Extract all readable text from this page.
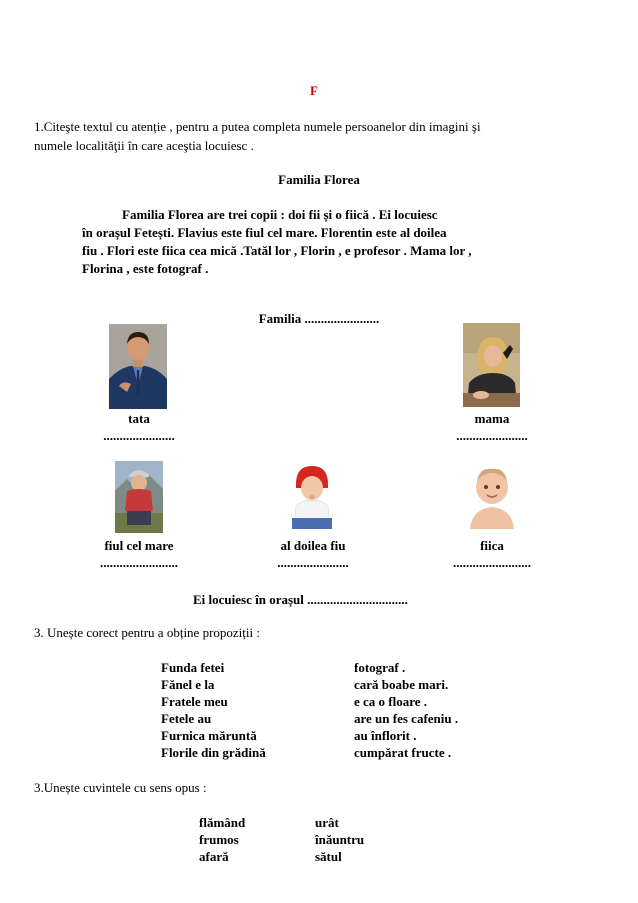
F
1.Citeşte textul cu atenție , pentru a putea completa numele persoanelor din imagini şi
numele localităţii în care aceştia locuiesc .
Familia Florea
Familia Florea are trei copii : doi fii și o fiică . Ei locuiesc
în orașul Fetești. Flavius este fiul cel mare. Florentin este al doilea
fiu . Flori este fiica cea mică .Tatăl lor , Florin , e profesor . Mama lor ,
Florina , este fotograf .
Familia .......................
tata
......................
mama
......................
fiul cel mare
........................
al doilea fiu
......................
fiica
........................
Ei locuiesc în orașul ...............................
3. Unește corect pentru a obține propoziții :
Funda fetei
Fănel e la
Fratele meu
Fetele au
Furnica măruntă
Florile din grădină
fotograf .
cară boabe mari.
e ca o floare .
are un fes cafeniu .
au înflorit .
cumpărat fructe .
3.Unește cuvintele cu sens opus :
flămând
frumos
afară
urât
înăuntru
sătul
